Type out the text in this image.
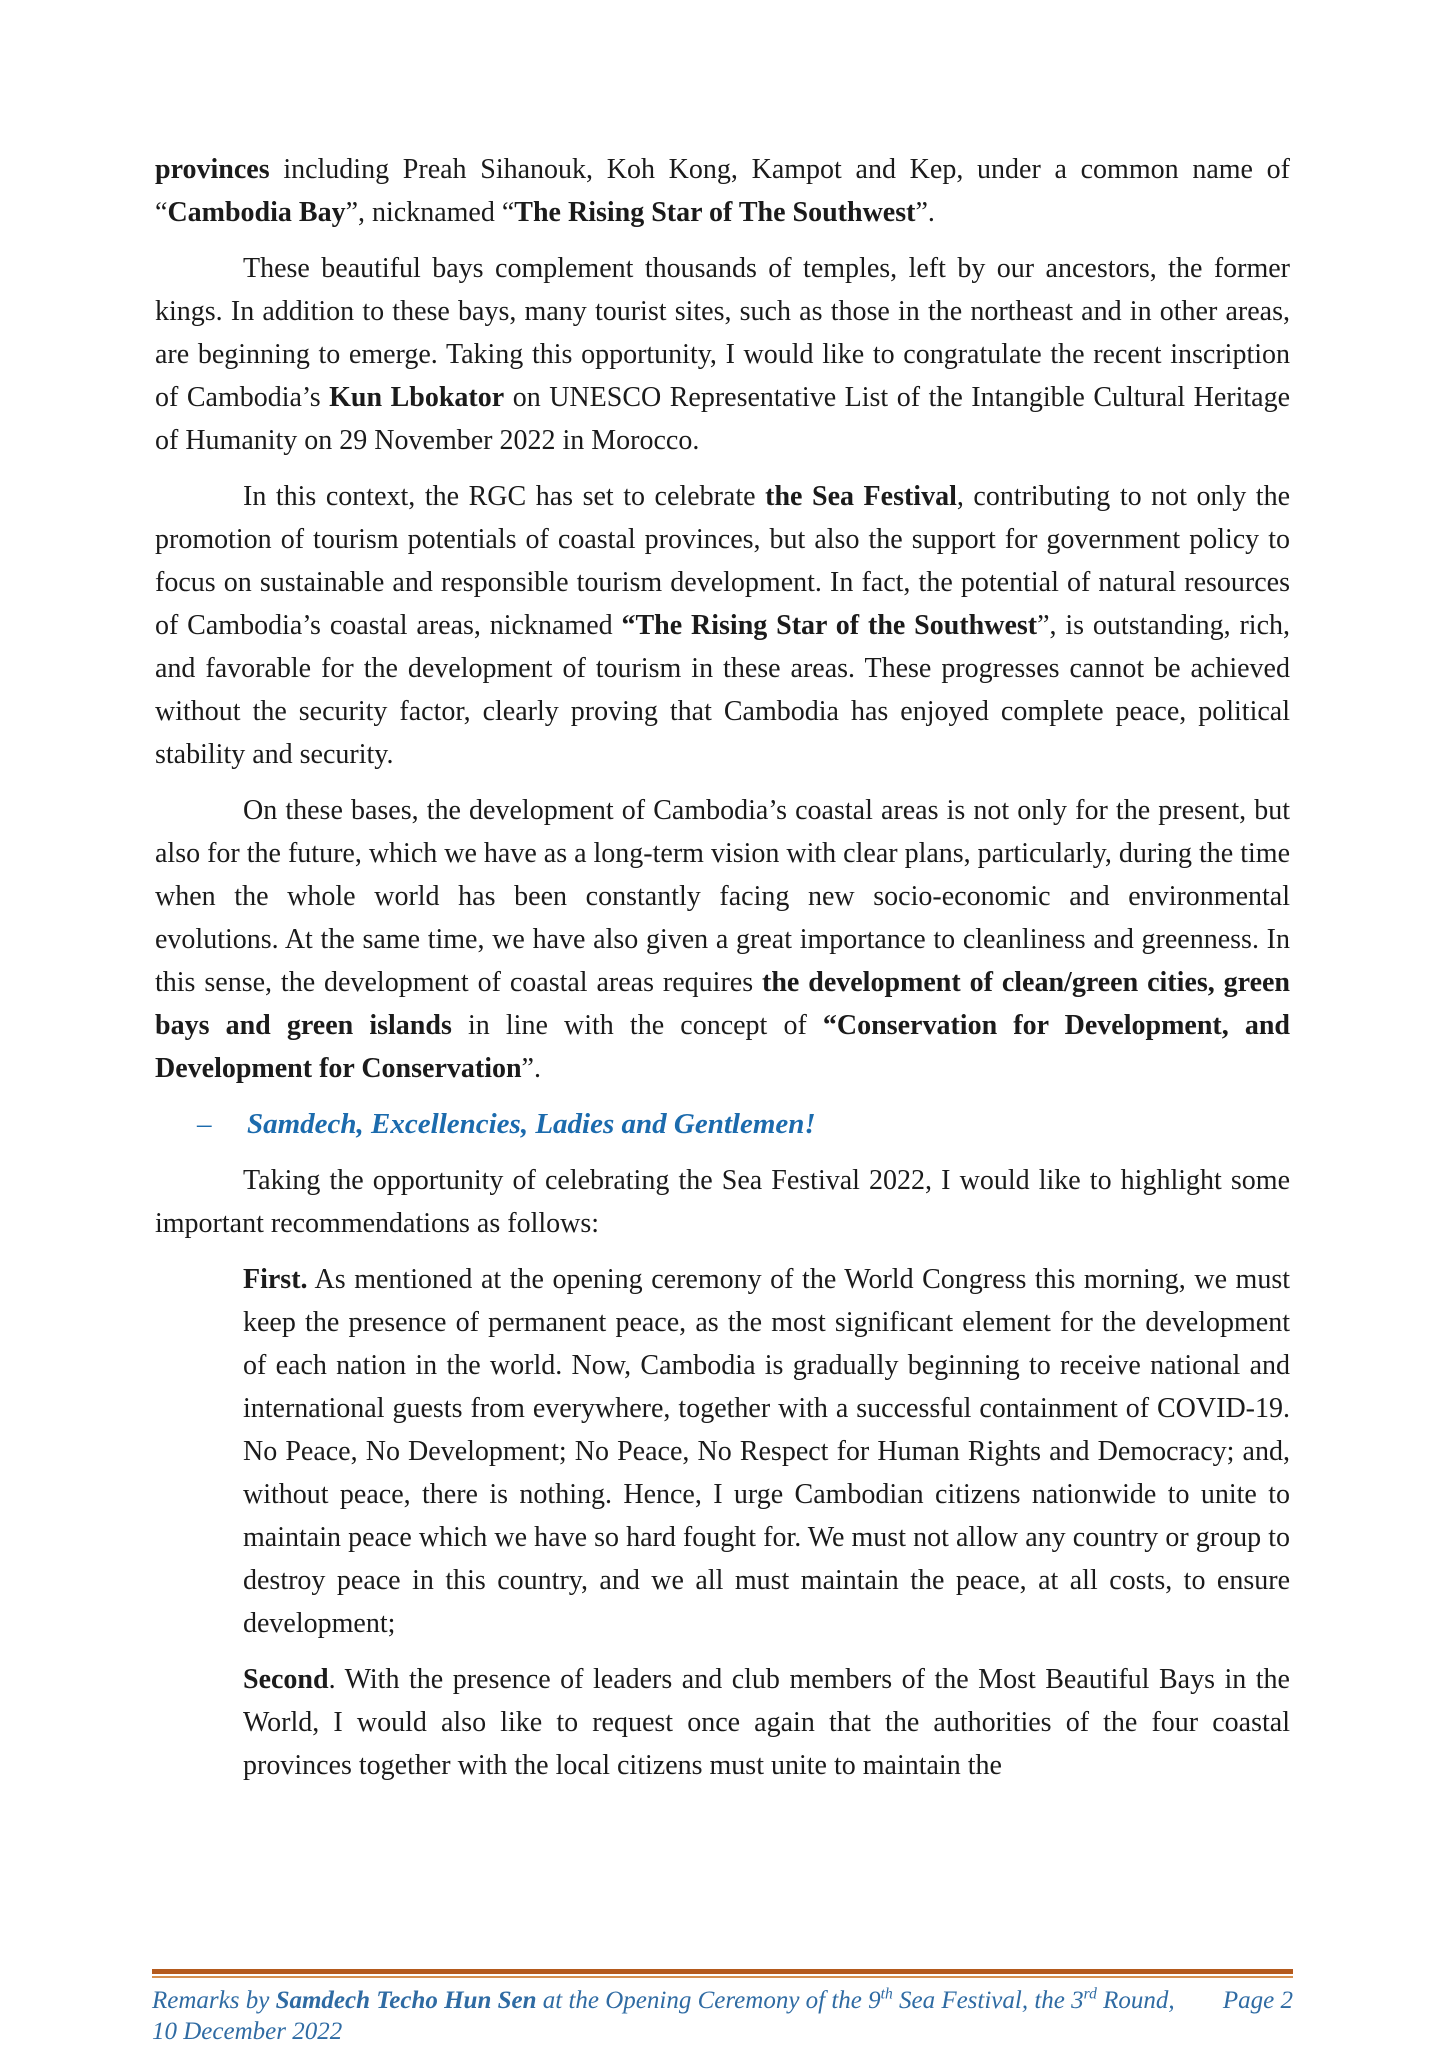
provinces including Preah Sihanouk, Koh Kong, Kampot and Kep, under a common name of “Cambodia Bay”, nicknamed “The Rising Star of The Southwest”.

These beautiful bays complement thousands of temples, left by our ancestors, the former kings. In addition to these bays, many tourist sites, such as those in the northeast and in other areas, are beginning to emerge. Taking this opportunity, I would like to congratulate the recent inscription of Cambodia’s Kun Lbokator on UNESCO Representative List of the Intangible Cultural Heritage of Humanity on 29 November 2022 in Morocco.

In this context, the RGC has set to celebrate the Sea Festival, contributing to not only the promotion of tourism potentials of coastal provinces, but also the support for government policy to focus on sustainable and responsible tourism development. In fact, the potential of natural resources of Cambodia’s coastal areas, nicknamed “The Rising Star of the Southwest”, is outstanding, rich, and favorable for the development of tourism in these areas. These progresses cannot be achieved without the security factor, clearly proving that Cambodia has enjoyed complete peace, political stability and security.

On these bases, the development of Cambodia’s coastal areas is not only for the present, but also for the future, which we have as a long-term vision with clear plans, particularly, during the time when the whole world has been constantly facing new socio-economic and environmental evolutions. At the same time, we have also given a great importance to cleanliness and greenness. In this sense, the development of coastal areas requires the development of clean/green cities, green bays and green islands in line with the concept of “Conservation for Development, and Development for Conservation”.

–	Samdech, Excellencies, Ladies and Gentlemen!

Taking the opportunity of celebrating the Sea Festival 2022, I would like to highlight some important recommendations as follows:

First. As mentioned at the opening ceremony of the World Congress this morning, we must keep the presence of permanent peace, as the most significant element for the development of each nation in the world. Now, Cambodia is gradually beginning to receive national and international guests from everywhere, together with a successful containment of COVID-19. No Peace, No Development; No Peace, No Respect for Human Rights and Democracy; and, without peace, there is nothing. Hence, I urge Cambodian citizens nationwide to unite to maintain peace which we have so hard fought for. We must not allow any country or group to destroy peace in this country, and we all must maintain the peace, at all costs, to ensure development;

Second. With the presence of leaders and club members of the Most Beautiful Bays in the World, I would also like to request once again that the authorities of the four coastal provinces together with the local citizens must unite to maintain the

Remarks by Samdech Techo Hun Sen at the Opening Ceremony of the 9th Sea Festival, the 3rd Round, 10 December 2022
Page 2
